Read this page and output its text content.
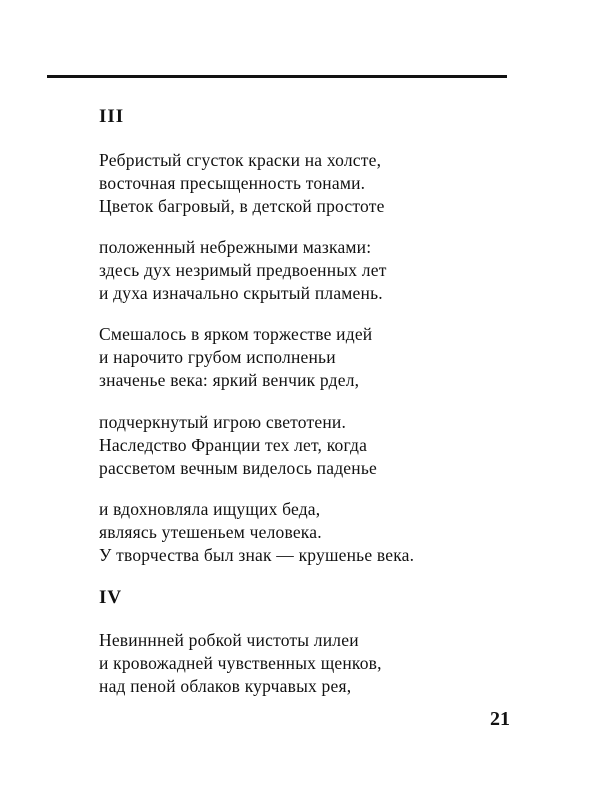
III
Ребристый сгусток краски на холсте,
восточная пресыщенность тонами.
Цветок багровый, в детской простоте
положенный небрежными мазками:
здесь дух незримый предвоенных лет
и духа изначально скрытый пламень.
Смешалось в ярком торжестве идей
и нарочито грубом исполненьи
значенье века: яркий венчик рдел,
подчеркнутый игрою светотени.
Наследство Франции тех лет, когда
рассветом вечным виделось паденье
и вдохновляла ищущих беда,
являясь утешеньем человека.
У творчества был знак — крушенье века.
IV
Невиннней робкой чистоты лилеи
и кровожадней чувственных щенков,
над пеной облаков курчавых рея,
21
